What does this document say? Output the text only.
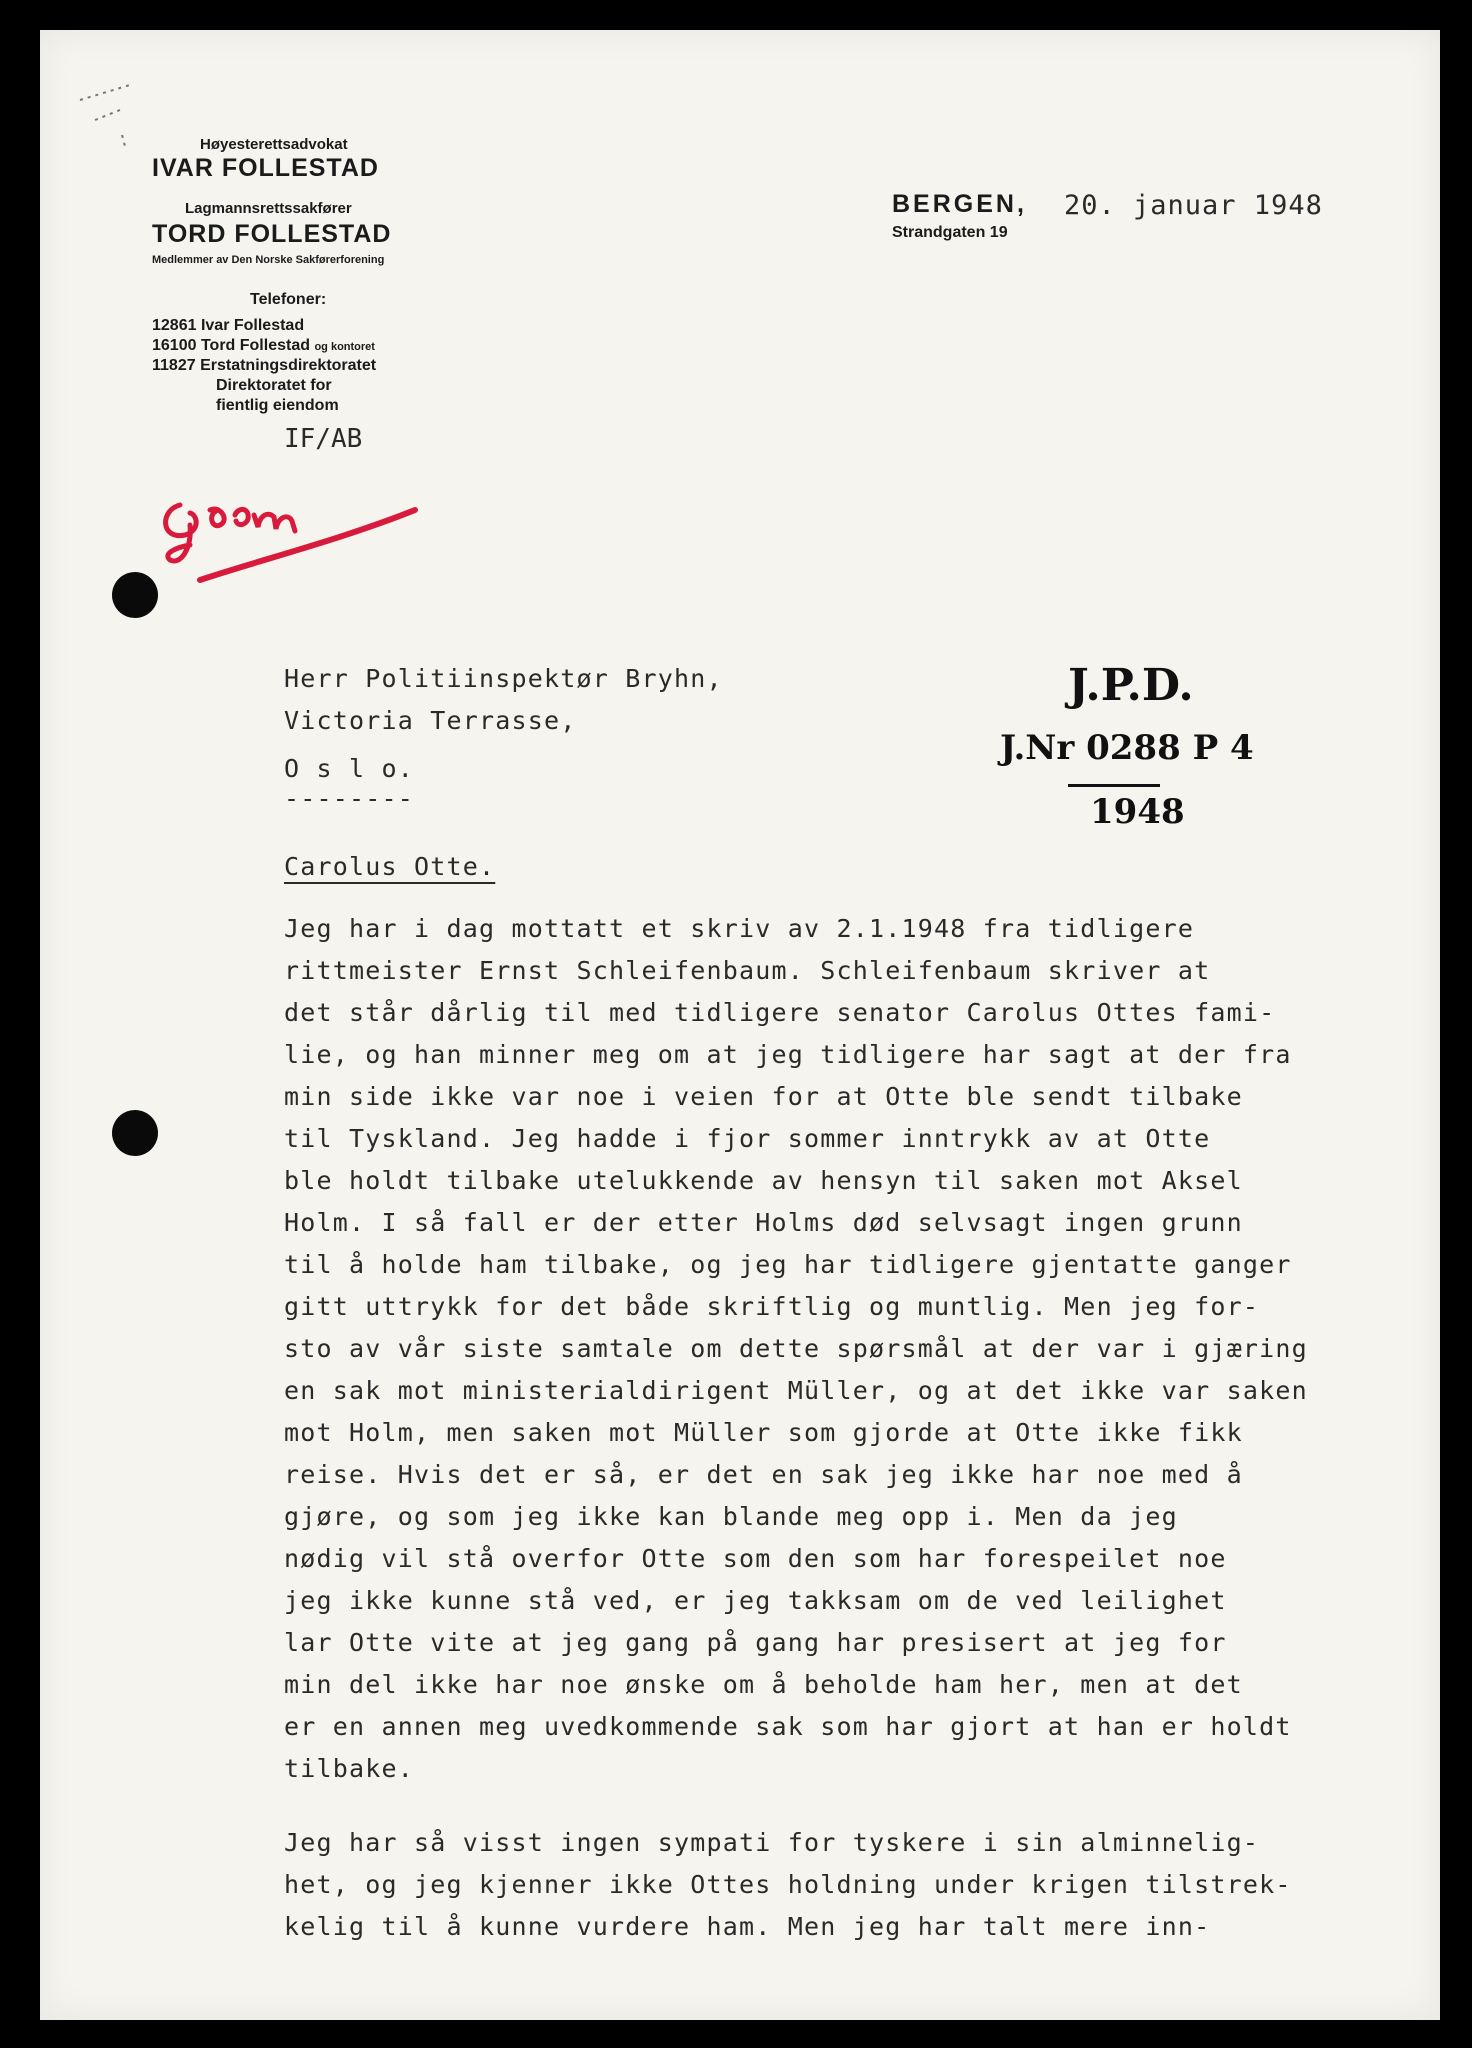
Høyesterettsadvokat
IVAR FOLLESTAD
Lagmannsrettssakfører
TORD FOLLESTAD
Medlemmer av Den Norske Sakførerforening
Telefoner:
12861 Ivar Follestad
16100 Tord Follestad og kontoret
11827 Erstatningsdirektoratet
Direktoratet for
fientlig eiendom
IF/AB
BERGEN, 20. januar 1948
Strandgaten 19
Herr Politiinspektør Bryhn,
Victoria Terrasse,
O s l o.
--------
J.P.D.
J.Nr 0288 P 4
1948
Carolus Otte.
Jeg har i dag mottatt et skriv av 2.1.1948 fra tidligere
rittmeister Ernst Schleifenbaum. Schleifenbaum skriver at
det står dårlig til med tidligere senator Carolus Ottes fami-
lie, og han minner meg om at jeg tidligere har sagt at der fra
min side ikke var noe i veien for at Otte ble sendt tilbake
til Tyskland. Jeg hadde i fjor sommer inntrykk av at Otte
ble holdt tilbake utelukkende av hensyn til saken mot Aksel
Holm. I så fall er der etter Holms død selvsagt ingen grunn
til å holde ham tilbake, og jeg har tidligere gjentatte ganger
gitt uttrykk for det både skriftlig og muntlig. Men jeg for-
sto av vår siste samtale om dette spørsmål at der var i gjæring
en sak mot ministerialdirigent Müller, og at det ikke var saken
mot Holm, men saken mot Müller som gjorde at Otte ikke fikk
reise. Hvis det er så, er det en sak jeg ikke har noe med å
gjøre, og som jeg ikke kan blande meg opp i. Men da jeg
nødig vil stå overfor Otte som den som har forespeilet noe
jeg ikke kunne stå ved, er jeg takksam om de ved leilighet
lar Otte vite at jeg gang på gang har presisert at jeg for
min del ikke har noe ønske om å beholde ham her, men at det
er en annen meg uvedkommende sak som har gjort at han er holdt
tilbake.
Jeg har så visst ingen sympati for tyskere i sin alminnelig-
het, og jeg kjenner ikke Ottes holdning under krigen tilstrek-
kelig til å kunne vurdere ham. Men jeg har talt mere inn-
